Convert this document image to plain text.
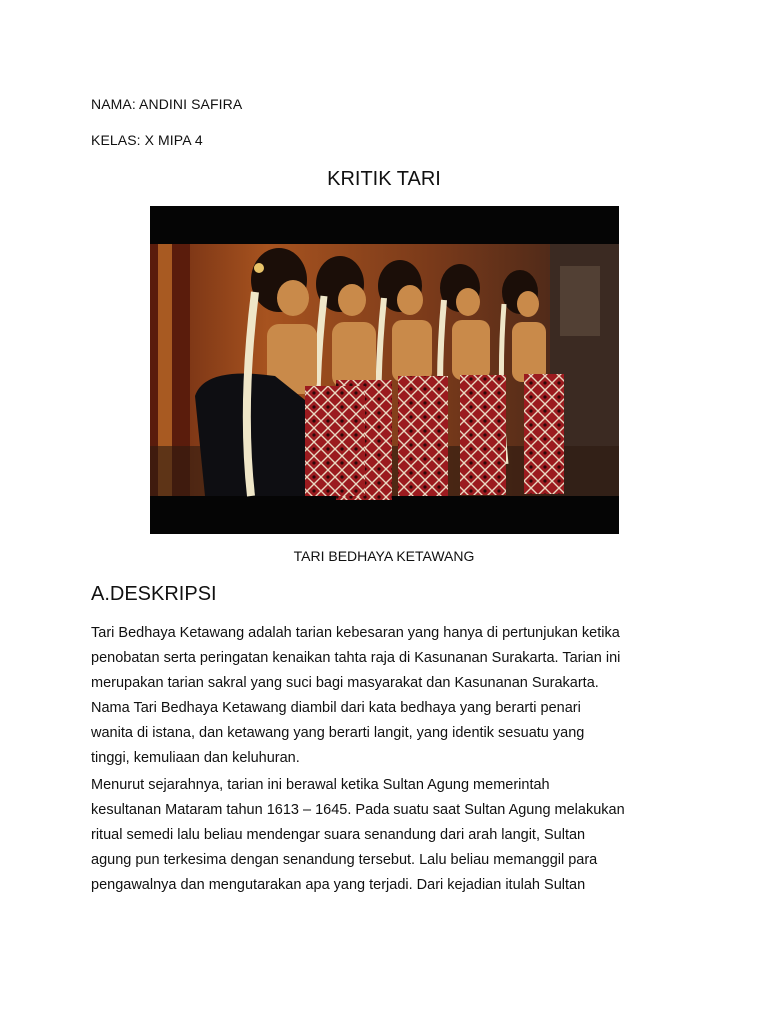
NAMA: ANDINI SAFIRA
KELAS: X MIPA 4
KRITIK TARI
TARI BEDHAYA KETAWANG
A.DESKRIPSI

Tari Bedhaya Ketawang adalah tarian kebesaran yang hanya di pertunjukan ketika
penobatan serta peringatan kenaikan tahta raja di Kasunanan Surakarta. Tarian ini
merupakan tarian sakral yang suci bagi masyarakat dan Kasunanan Surakarta.
Nama Tari Bedhaya Ketawang diambil dari kata bedhaya yang berarti penari
wanita di istana, dan ketawang yang berarti langit, yang identik sesuatu yang
tinggi, kemuliaan dan keluhuran.

Menurut sejarahnya, tarian ini berawal ketika Sultan Agung memerintah
kesultanan Mataram tahun 1613 – 1645. Pada suatu saat Sultan Agung melakukan
ritual semedi lalu beliau mendengar suara senandung dari arah langit, Sultan
agung pun terkesima dengan senandung tersebut. Lalu beliau memanggil para
pengawalnya dan mengutarakan apa yang terjadi. Dari kejadian itulah Sultan
